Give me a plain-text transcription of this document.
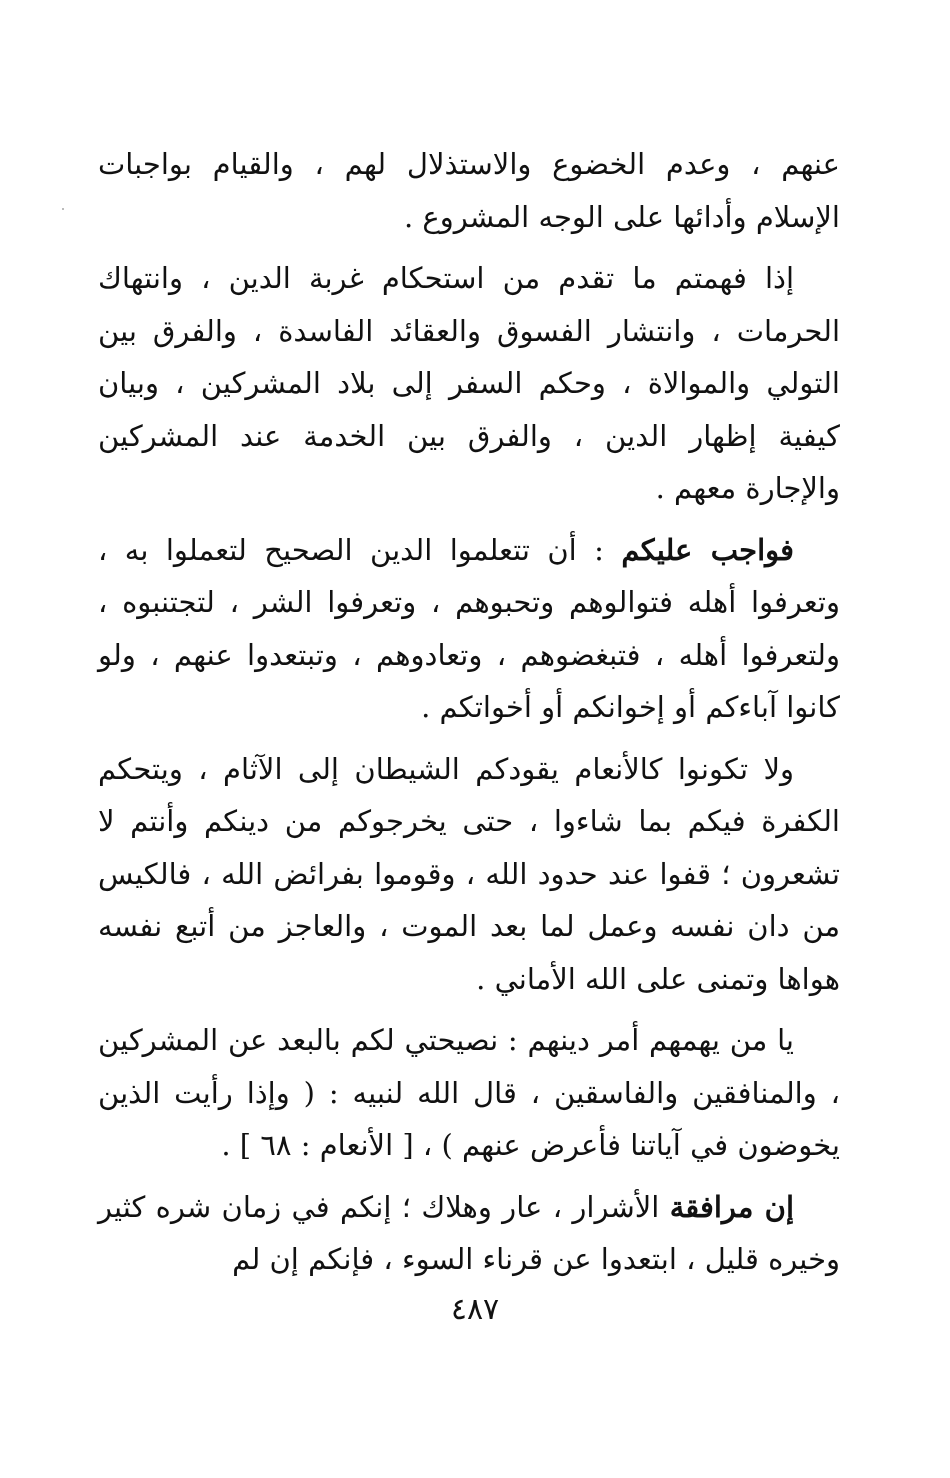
عنهم ، وعدم الخضوع والاستذلال لهم ، والقيام بواجبات الإسلام وأدائها على الوجه المشروع .

إذا فهمتم ما تقدم من استحكام غربة الدين ، وانتهاك الحرمات ، وانتشار الفسوق والعقائد الفاسدة ، والفرق بين التولي والموالاة ، وحكم السفر إلى بلاد المشركين ، وبيان كيفية إظهار الدين ، والفرق بين الخدمة عند المشركين والإجارة معهم .

فواجب عليكم : أن تتعلموا الدين الصحيح لتعملوا به ، وتعرفوا أهله فتوالوهم وتحبوهم ، وتعرفوا الشر ، لتجتنبوه ، ولتعرفوا أهله ، فتبغضوهم ، وتعادوهم ، وتبتعدوا عنهم ، ولو كانوا آباءكم أو إخوانكم أو أخواتكم .

ولا تكونوا كالأنعام يقودكم الشيطان إلى الآثام ، ويتحكم الكفرة فيكم بما شاءوا ، حتى يخرجوكم من دينكم وأنتم لا تشعرون ؛ قفوا عند حدود الله ، وقوموا بفرائض الله ، فالكيس من دان نفسه وعمل لما بعد الموت ، والعاجز من أتبع نفسه هواها وتمنى على الله الأماني .

يا من يهمهم أمر دينهم : نصيحتي لكم بالبعد عن المشركين ، والمنافقين والفاسقين ، قال الله لنبيه : ( وإذا رأيت الذين يخوضون في آياتنا فأعرض عنهم ) ، [ الأنعام : ٦٨ ] .

إن مرافقة الأشرار ، عار وهلاك ؛ إنكم في زمان شره كثير وخيره قليل ، ابتعدوا عن قرناء السوء ، فإنكم إن لم

٤٨٧
